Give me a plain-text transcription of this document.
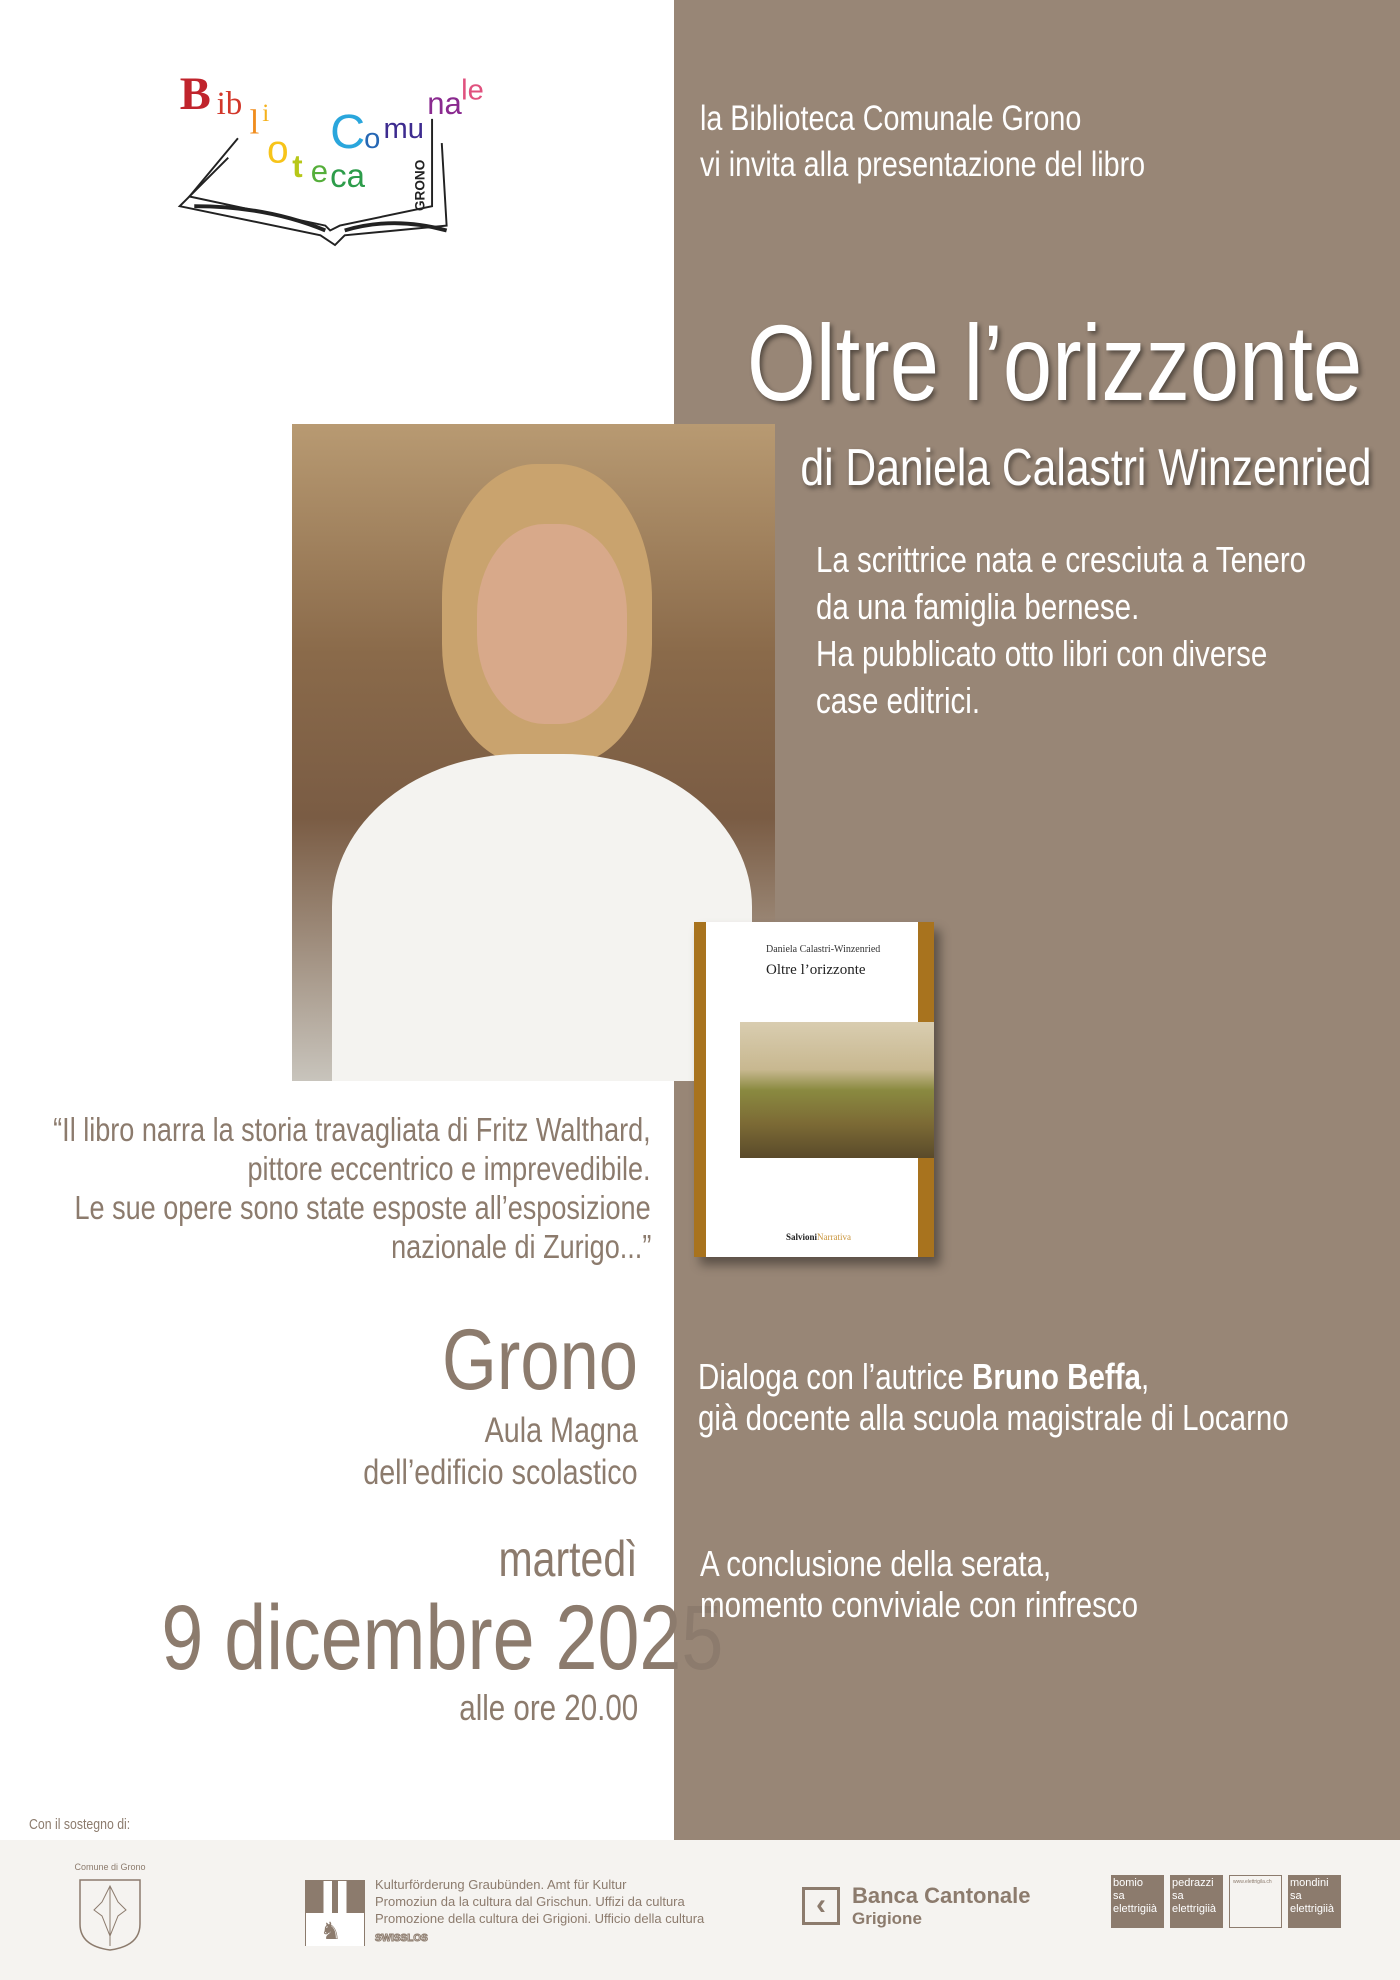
B ib l i
o t e ca
C
o mu
na le
GRONO
la Biblioteca Comunale Grono
vi invita alla presentazione del libro
Oltre l’orizzonte
di Daniela Calastri Winzenried
La scrittrice nata e cresciuta a Tenero
da una famiglia bernese.
Ha pubblicato otto libri con diverse
case editrici.
Daniela Calastri-Winzenried
Oltre l’orizzonte
SalvioniNarrativa
“Il libro narra la storia travagliata di Fritz Walthard,
pittore eccentrico e imprevedibile.
Le sue opere sono state esposte all’esposizione
nazionale di Zurigo...”
Grono
Aula Magna
dell’edificio scolastico
martedì
9 dicembre 2025
alle ore 20.00
Dialoga con l’autrice Bruno Beffa,
già docente alla scuola magistrale di Locarno
A conclusione della serata,
momento conviviale con rinfresco
Con il sostegno di:
Comune di Grono
♞
Kulturförderung Graubünden. Amt für Kultur
Promoziun da la cultura dal Grischun. Uffizi da cultura
Promozione della cultura dei Grigioni. Ufficio della cultura
SWISSLOS
‹	Banca Cantonale
Grigione
bomio
sa elettrigiià
pedrazzi
sa elettrigiià
www.elettrigila.ch	mondini
sa elettrigiià
